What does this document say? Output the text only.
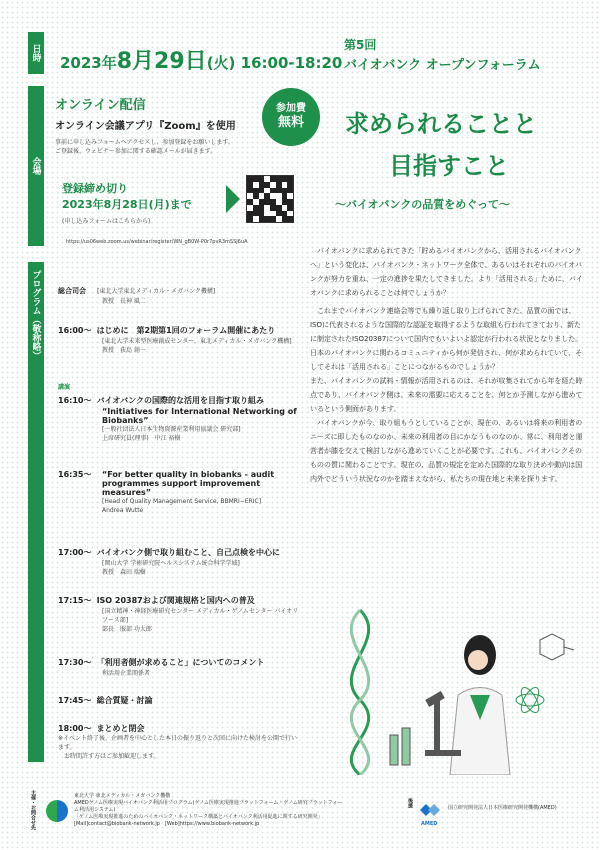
日時
会場
プログラム（敬称略）
2023年8月29日(火) 16:00-18:20
オンライン配信
オンライン会議アプリ『Zoom』を使用
事前に申し込みフォームへアクセスし、参加登録をお願いします。
ご登録後、ウェビナー参加に関する確認メールが届きます。
参加費
無料
登録締め切り
2023年8月28日(月)まで
(申し込みフォームはこちらから)
https://us06web.zoom.us/webinar/register/WN_gB0W-P0r7pvR3mSSJ6uA
第5回
バイオバンク オープンフォーラム
求められることと
目指すこと
〜バイオバンクの品質をめぐって〜

　バイオバンクに求められてきた「貯めるバイオバンクから、活用されるバイオバンクへ」という変化は、バイオバンク・ネットワーク全体で、あるいはそれぞれのバイオバンクが努力を重ね、一定の進捗を果たしてきました。より「活用される」ために、バイオバンクに求められることは何でしょうか？

　これまでバイオバンク連絡会等でも繰り返し取り上げられてきた、品質の面では、ISOに代表されるような国際的な認証を取得するような取組も行われてきており、新たに制定されたISO20387について国内でもいよいよ認定が行われる状況となりました。

日本のバイオバンクに関わるコミュニティから何が発信され、何が求められていて、そしてそれは「活用される」ことにつながるものでしょうか？

また、バイオバンクの試料・情報が活用されるのは、それが収集されてから年を経た時点であり、バイオバンク側は、未来の需要に応えることを、何とか予測しながら進めているという側面があります。

　バイオバンクが今、取り組もうとしていることが、現在の、あるいは将来の利用者のニーズに即したものなのか、未来の利用者の目にかなうものなのか、常に、利用者と運営者が膝を交えて検討しながら進めていくことが必要です。これも、バイオバンクそのものの質に関わることです。現在の、品質の規定を定めた国際的な取り決めや動向は国内外でどういう状況なのかを踏まえながら、私たちの現在地と未来を探ります。

総合司会 [東北大学東北メディカル・メガバンク機構]
教授　長神 風二
16:00〜 はじめに　第2期第1回のフォーラム開催にあたり
[東北大学未来型医療創成センター、東北メディカル・メガバンク機構]
教授　荻島 創一
講演
16:10〜 バイオバンクの国際的な活用を目指す取り組み
“Initiatives for International Networking of Biobanks”
[一般社団法人日本生物資源産業利用協議会 研究部]
上席研究員(理事)　中江 裕樹
16:35〜 “For better quality in biobanks - audit programmes support improvement measures”
[Head of Quality Management Service, BBMRI−ERIC]
Andrea Wutte
17:00〜 バイオバンク側で取り組むこと、自己点検を中心に
[岡山大学 学術研究院ヘルスシステム統合科学学域]
教授　森田 瑞樹
17:15〜 ISO 20387および関連規格と国内への普及
[国立精神・神経医療研究センター メディカル・ゲノムセンター バイオリソース部]
部長　服部 功太郎
17:30〜 「利用者側が求めること」についてのコメント
利活用企業関係者
17:45〜 総合質疑・討論
18:00〜 まとめと閉会
※イベント終了後、企画者を中心とした本日の振り返りと次回に向けた検討を公開で行います。
お時間許す方はご参加歓迎します。
主催・お問合せ先	東北大学 東北メディカル・メガバンク機構
AMEDゲノム医療実現バイオバンク利活用プログラム(ゲノム医療実現推進プラットフォーム・ゲノム研究プラットフォーム利活用システム)
「ゲノム医療実現推進のためのバイオバンク・ネットワーク構築とバイオバンク利活用促進に関する研究開発」
[Mail]contact@biobank-network.jp　[Web]https://www.biobank-network.jp
後援	国立研究開発法人日本医療研究開発機構(AMED)
AMED
